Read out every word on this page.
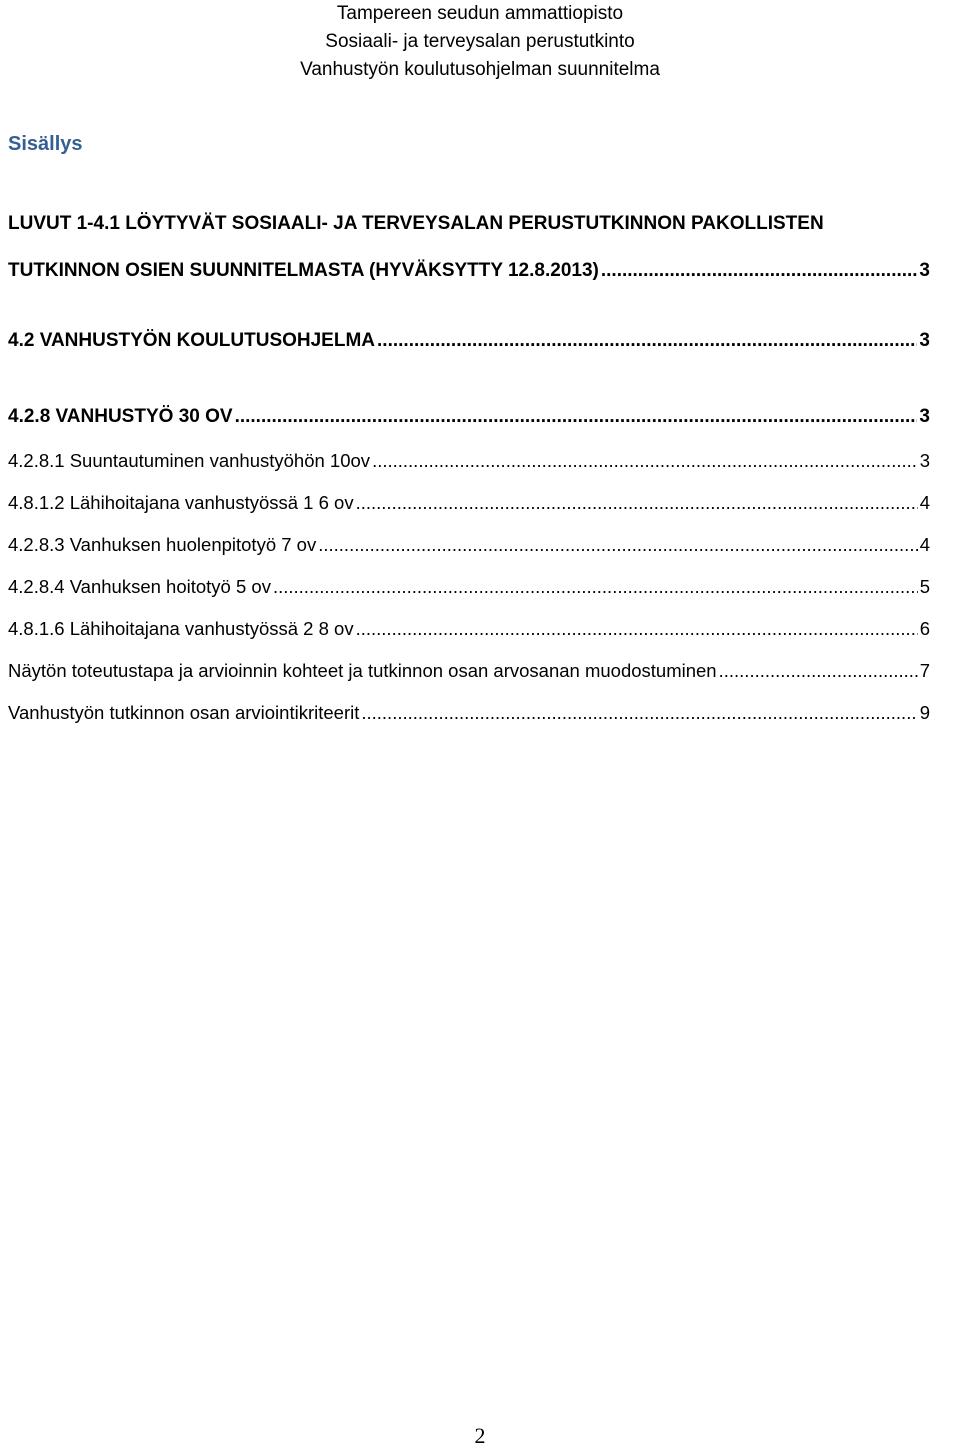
Tampereen seudun ammattiopisto
Sosiaali- ja terveysalan perustutkinto
Vanhustyön koulutusohjelman suunnitelma
Sisällys
LUVUT 1-4.1 LÖYTYVÄT SOSIAALI- JA TERVEYSALAN PERUSTUTKINNON PAKOLLISTEN
TUTKINNON OSIEN SUUNNITELMASTA (HYVÄKSYTTY 12.8.2013) .....	3
4.2 VANHUSTYÖN KOULUTUSOHJELMA .....	3
4.2.8 VANHUSTYÖ 30 OV .....	3
4.2.8.1 Suuntautuminen vanhustyöhön 10ov .....	3
4.8.1.2 Lähihoitajana vanhustyössä 1 6 ov .....	4
4.2.8.3 Vanhuksen huolenpitotyö 7 ov .....	4
4.2.8.4 Vanhuksen hoitotyö 5 ov .....	5
4.8.1.6 Lähihoitajana vanhustyössä 2 8 ov .....	6
Näytön toteutustapa ja arvioinnin kohteet ja tutkinnon osan arvosanan muodostuminen .....	7
Vanhustyön tutkinnon osan arviointikriteerit .....	9
2
